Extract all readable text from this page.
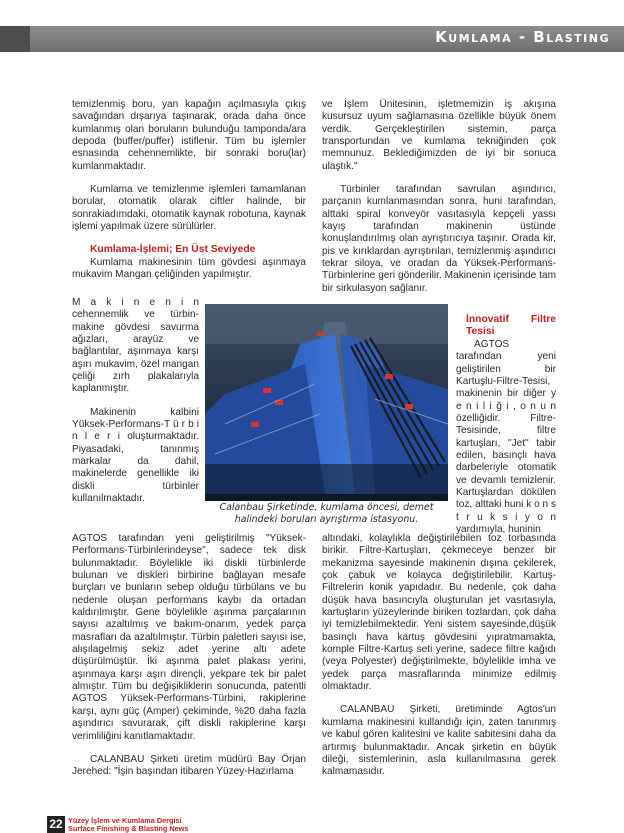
Kumlama - Blasting

temizlenmiş boru, yan kapağın açılmasıyla çıkış savağından dışarıya taşınarak, orada daha önce kumlanmış olan boruların bulunduğu tamponda/ara depoda (buffer/puffer) istiflenir. Tüm bu işlemler esnasında cehennemlikte, bir sonraki boru(lar) kumlanmaktadır.

Kumlama ve temizlenme işlemleri tamamlanan borular, otomatik olarak ciftler halinde, bir sonrakiadımdaki, otomatik kaynak robotuna, kaynak işlemi yapılmak üzere sürülürler.

Kumlama-İşlemi; En Üst Seviyede

Kumlama makinesinin tüm gövdesi aşınmaya mukavim Mangan çeliğinden yapılmıştır.

M a k i n e n i n cehennemlik ve türbin-makine gövdesi savurma ağızları, arayüz ve bağlantılar, aşınmaya karşı aşırı mukavim, özel mangan çeliği zırh plakalarıyla kaplanmıştır.

Makinenin kalbini Yüksek-Performans-T ü r b i n l e r i oluşturmaktadır. Piyasadaki, tanınmış markalar da dahil, makinelerde genellikle iki diskli türbinler kullanılmaktadır.

AGTOS tarafından yeni geliştirilmiş "Yüksek-Performans-Türbinlerindeyse", sadece tek disk bulunmaktadır. Böylelikle iki diskli türbinlerde bulunan ve diskleri birbirine bağlayan mesafe burçları ve bunların sebep olduğu türbülans ve bu nedenle oluşan performans kaybı da ortadan kaldırılmıştır. Gene böylelikle aşınma parçalarının sayısı azaltılmış ve bakım-onarım, yedek parça masrafları da azaltılmıştır. Türbin paletleri sayısı ise, alışılagelmiş sekiz adet yerine altı adete düşürülmüştür. İki aşınma palet plakası yerini, aşınmaya karşı aşırı dirençli, yekpare tek bir palet almıştır. Tüm bu değişikliklerin sonucunda, patentli AGTOS Yüksek-Performans-Türbini, rakiplerine karşı, aynı güç (Amper) çekiminde, %20 daha fazla aşındırıcı savurarak, çift diskli rakiplerine karşı verimliliğini kanıtlamaktadır.

CALANBAU Şirketi üretim müdürü Bay Örjan Jerehed: "İşin başından itibaren Yüzey-Hazırlama

ve İşlem Ünitesinin, işletmemizin iş akışına kusursuz uyum sağlamasına özellikle büyük önem verdik. Gerçekleştirilen sistemin, parça transportundan ve kumlama tekniğinden çok memnunuz. Beklediğimizden de iyi bir sonuca ulaştık."

Türbinler tarafından savrulan aşındırıcı, parçanın kumlanmasından sonra, huni tarafından, alttaki spiral konveyör vasıtasıyla kepçeli yassı kayış tarafından makinenin üstünde konuşlandırılmış olan ayrıştırıcıya taşınır. Orada kir, pis ve kırıklardan ayrıştırılan, temizlenmiş aşındırıcı tekrar siloya, ve oradan da Yüksek-Performans-Türbinlerine geri gönderilir. Makinenin içerisinde tam bir sirkulasyon sağlanır.

İnnovatif Filtre Tesisi

AGTOS tarafından yeni geliştirilen bir Kartuşlu-Filtre-Tesisi, makinenin bir diğer y e n i l i ğ i , o n u n özelliğidir. Filtre-Tesisinde, filtre kartuşları, "Jet" tabir edilen, basınçlı hava darbeleriyle otomatik ve devamlı temizlenir. Kartuşlardan dökülen toz, alttaki huni k o n s t r u k s i y o n yardımıyla, huninin

altındaki, kolaylıkla değiştirilebilen toz torbasında birikir. Filtre-Kartuşları, çekmeceye benzer bir mekanizma sayesinde makinenin dışına çekilerek, çok çabuk ve kolayca değiştirilebilir. Kartuş-Filtrelerin konik yapıdadır. Bu nedenle, çok daha düşük hava basıncıyla oluşturulan jet vasıtasıyla, kartuşların yüzeylerinde biriken tozlardan, çok daha iyi temizlebilmektedir. Yeni sistem sayesinde,düşük basınçlı hava kartuş gövdesini yıpratmamakta, komple Filtre-Kartuş seti yerine, sadece filtre kağıdı (veya Polyester) değiştirilmekte, böylelikle imha ve yedek parça masraflarında minimize edilmiş olmaktadır.

CALANBAU Şirketi, üretiminde Agtos'un kumlama makinesini kullandığı için, zaten tanınmış ve kabul gören kalitesini ve kalite sabitesini daha da artırmış bulunmaktadır. Ancak şirketin en büyük dileği, sistemlerinin, asla kullanılmasına gerek kalmamasıdır.

Calanbau Şirketinde, kumlama öncesi, demet halindeki boruları ayrıştırma istasyonu.
22 Yüzey İşlem ve Kumlama Dergisi
Surface Finishing & Blasting News
